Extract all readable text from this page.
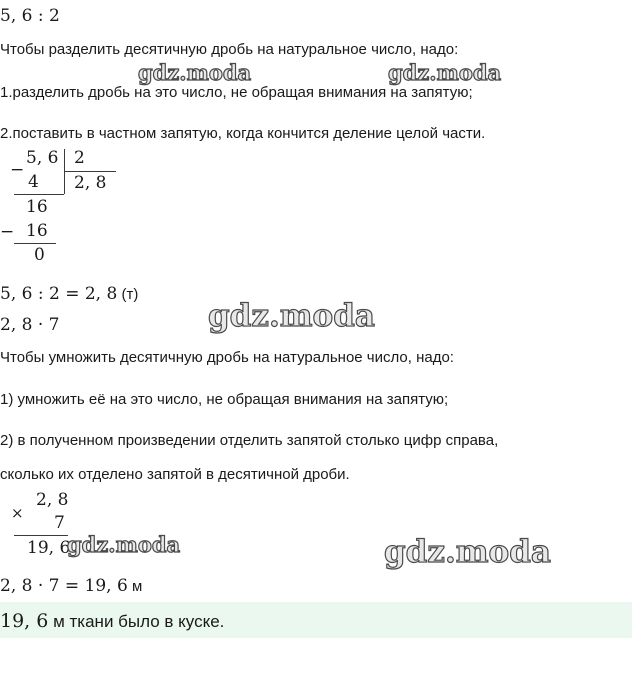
5, 6 : 2
Чтобы разделить десятичную дробь на натуральное число, надо:
gdz.moda	gdz.moda
1.разделить дробь на это число, не обращая внимания на запятую;
2.поставить в частном запятую, когда кончится деление целой части.
−
5, 6 2
4 2, 8
16
− 16
0
5, 6 : 2 = 2, 8 (т)
gdz.moda
2, 8 · 7
Чтобы умножить десятичную дробь на натуральное число, надо:
1) умножить её на это число, не обращая внимания на запятую;
2) в полученном произведении отделить запятой столько цифр справа,
сколько их отделено запятой в десятичной дроби.
×
2, 8
7
19, 6
gdz.moda	gdz.moda
2, 8 · 7 = 19, 6 м
19, 6 м ткани было в куске.
